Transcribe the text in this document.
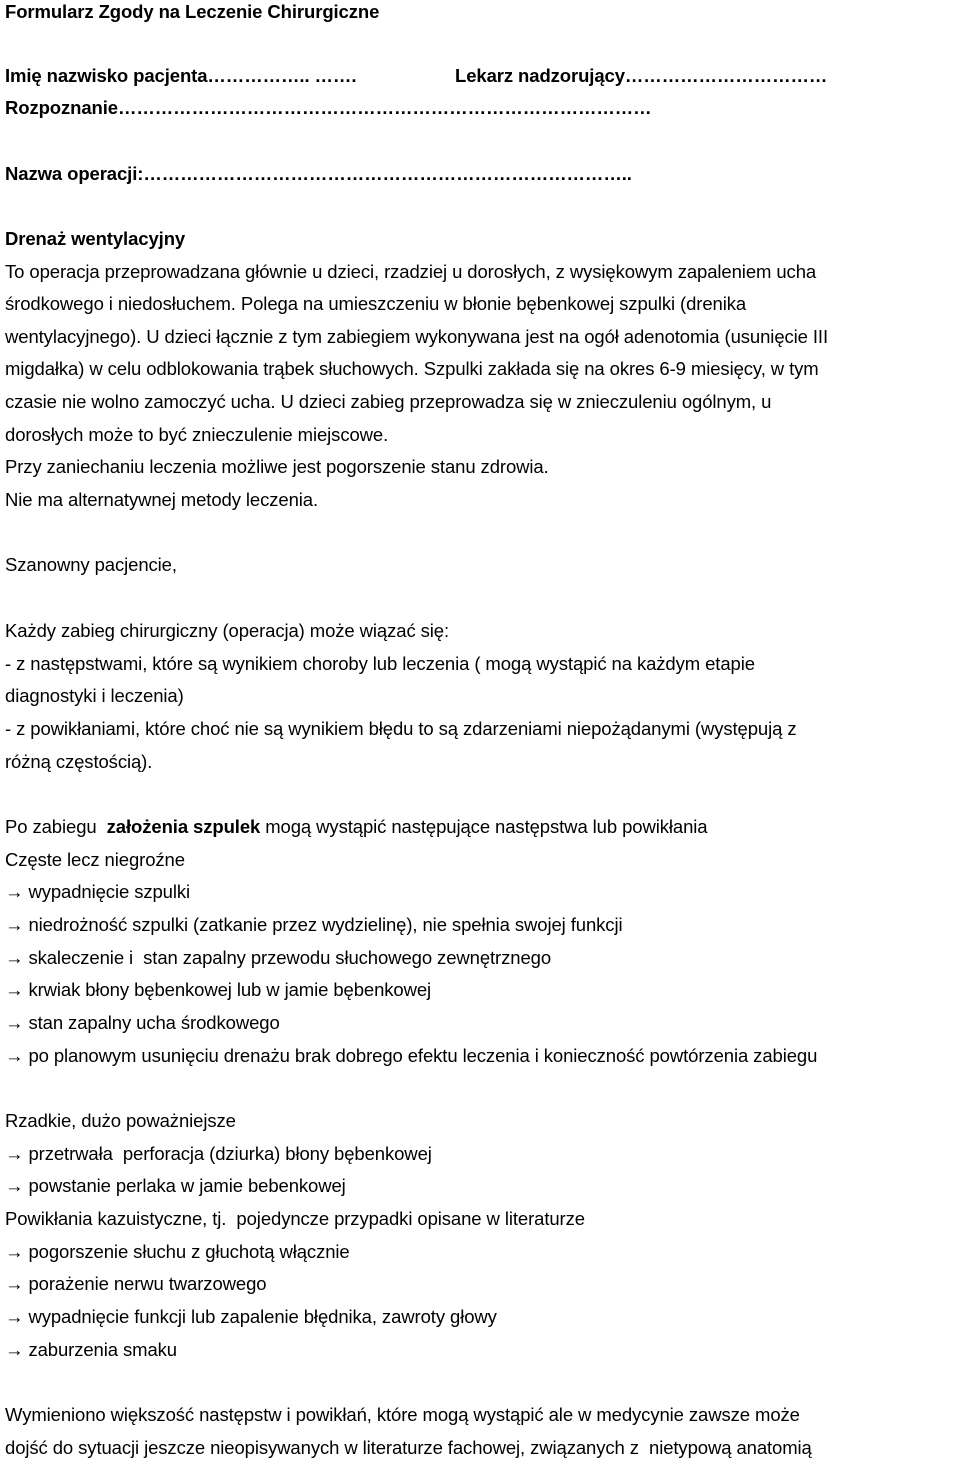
Formularz Zgody na Leczenie Chirurgiczne
Imię nazwisko pacjenta…………….. …….	Lekarz nadzorujący……………………………
Rozpoznanie……………………………………………………………………………
Nazwa operacji:……………………………………………………………………..
Drenaż wentylacyjny
To operacja przeprowadzana głównie u dzieci, rzadziej u dorosłych, z wysiękowym zapaleniem ucha
środkowego i niedosłuchem. Polega na umieszczeniu w błonie bębenkowej szpulki (drenika
wentylacyjnego). U dzieci łącznie z tym zabiegiem wykonywana jest na ogół adenotomia (usunięcie III
migdałka) w celu odblokowania trąbek słuchowych. Szpulki zakłada się na okres 6-9 miesięcy, w tym
czasie nie wolno zamoczyć ucha. U dzieci zabieg przeprowadza się w znieczuleniu ogólnym, u
dorosłych może to być znieczulenie miejscowe.
Przy zaniechaniu leczenia możliwe jest pogorszenie stanu zdrowia.
Nie ma alternatywnej metody leczenia.
Szanowny pacjencie,
Każdy zabieg chirurgiczny (operacja) może wiązać się:
- z następstwami, które są wynikiem choroby lub leczenia ( mogą wystąpić na każdym etapie
diagnostyki i leczenia)
- z powikłaniami, które choć nie są wynikiem błędu to są zdarzeniami niepożądanymi (występują z
różną częstością).
Po zabiegu  założenia szpulek mogą wystąpić następujące następstwa lub powikłania
Częste lecz niegroźne
→ wypadnięcie szpulki
→ niedrożność szpulki (zatkanie przez wydzielinę), nie spełnia swojej funkcji
→ skaleczenie i  stan zapalny przewodu słuchowego zewnętrznego
→ krwiak błony bębenkowej lub w jamie bębenkowej
→ stan zapalny ucha środkowego
→ po planowym usunięciu drenażu brak dobrego efektu leczenia i konieczność powtórzenia zabiegu
Rzadkie, dużo poważniejsze
→ przetrwała  perforacja (dziurka) błony bębenkowej
→ powstanie perlaka w jamie bebenkowej
Powikłania kazuistyczne, tj.  pojedyncze przypadki opisane w literaturze
→ pogorszenie słuchu z głuchotą włącznie
→ porażenie nerwu twarzowego
→ wypadnięcie funkcji lub zapalenie błędnika, zawroty głowy
→ zaburzenia smaku
Wymieniono większość następstw i powikłań, które mogą wystąpić ale w medycynie zawsze może
dojść do sytuacji jeszcze nieopisywanych w literaturze fachowej, związanych z  nietypową anatomią
